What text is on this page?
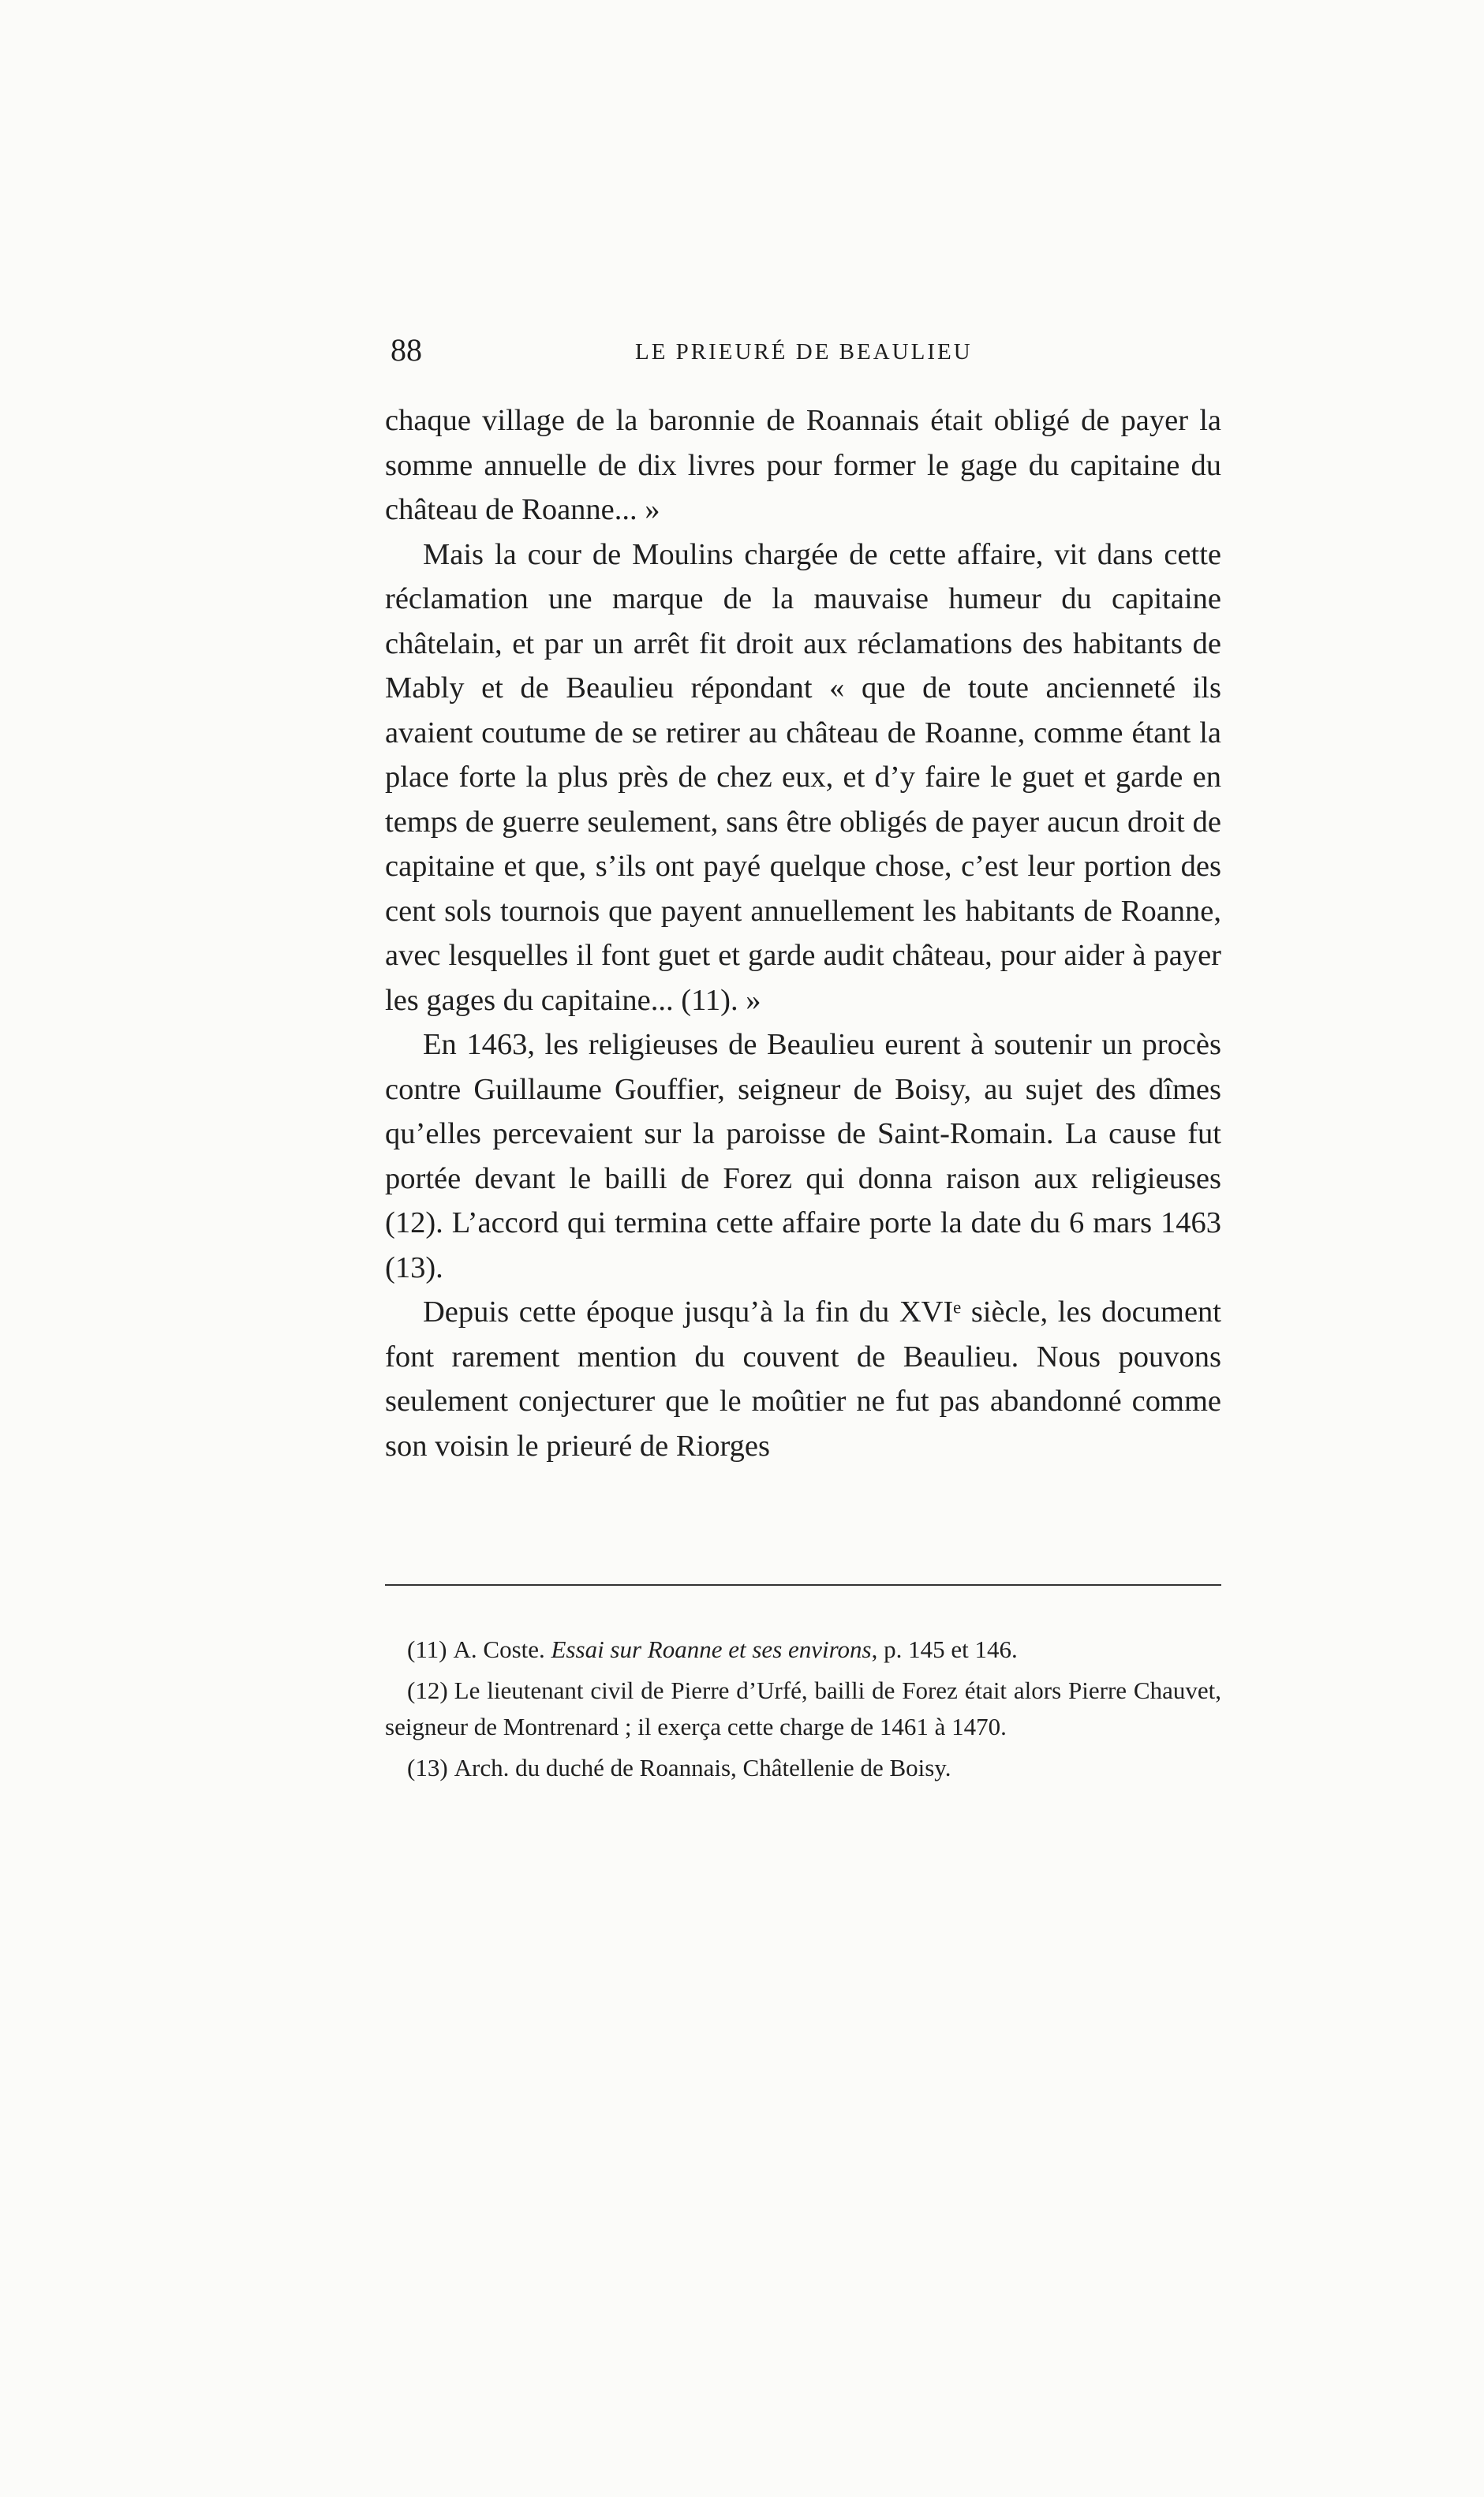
88	LE PRIEURÉ DE BEAULIEU

chaque village de la baronnie de Roannais était obligé de payer la somme annuelle de dix livres pour former le gage du capitaine du château de Roanne... »

Mais la cour de Moulins chargée de cette affaire, vit dans cette réclamation une marque de la mauvaise humeur du capitaine châtelain, et par un arrêt fit droit aux réclamations des habitants de Mably et de Beaulieu répondant « que de toute ancienneté ils avaient coutume de se retirer au château de Roanne, comme étant la place forte la plus près de chez eux, et d’y faire le guet et garde en temps de guerre seulement, sans être obligés de payer aucun droit de capitaine et que, s’ils ont payé quelque chose, c’est leur portion des cent sols tournois que payent annuellement les habitants de Roanne, avec lesquelles il font guet et garde audit château, pour aider à payer les gages du capitaine... (11). »

En 1463, les religieuses de Beaulieu eurent à soutenir un procès contre Guillaume Gouffier, seigneur de Boisy, au sujet des dîmes qu’elles percevaient sur la paroisse de Saint-Romain. La cause fut portée devant le bailli de Forez qui donna raison aux religieuses (12). L’accord qui termina cette affaire porte la date du 6 mars 1463 (13).

Depuis cette époque jusqu’à la fin du XVIᵉ siècle, les document font rarement mention du couvent de Beaulieu. Nous pouvons seulement conjecturer que le moûtier ne fut pas abandonné comme son voisin le prieuré de Riorges

(11) A. Coste. Essai sur Roanne et ses environs, p. 145 et 146.

(12) Le lieutenant civil de Pierre d’Urfé, bailli de Forez était alors Pierre Chauvet, seigneur de Montrenard ; il exerça cette charge de 1461 à 1470.

(13) Arch. du duché de Roannais, Châtellenie de Boisy.
